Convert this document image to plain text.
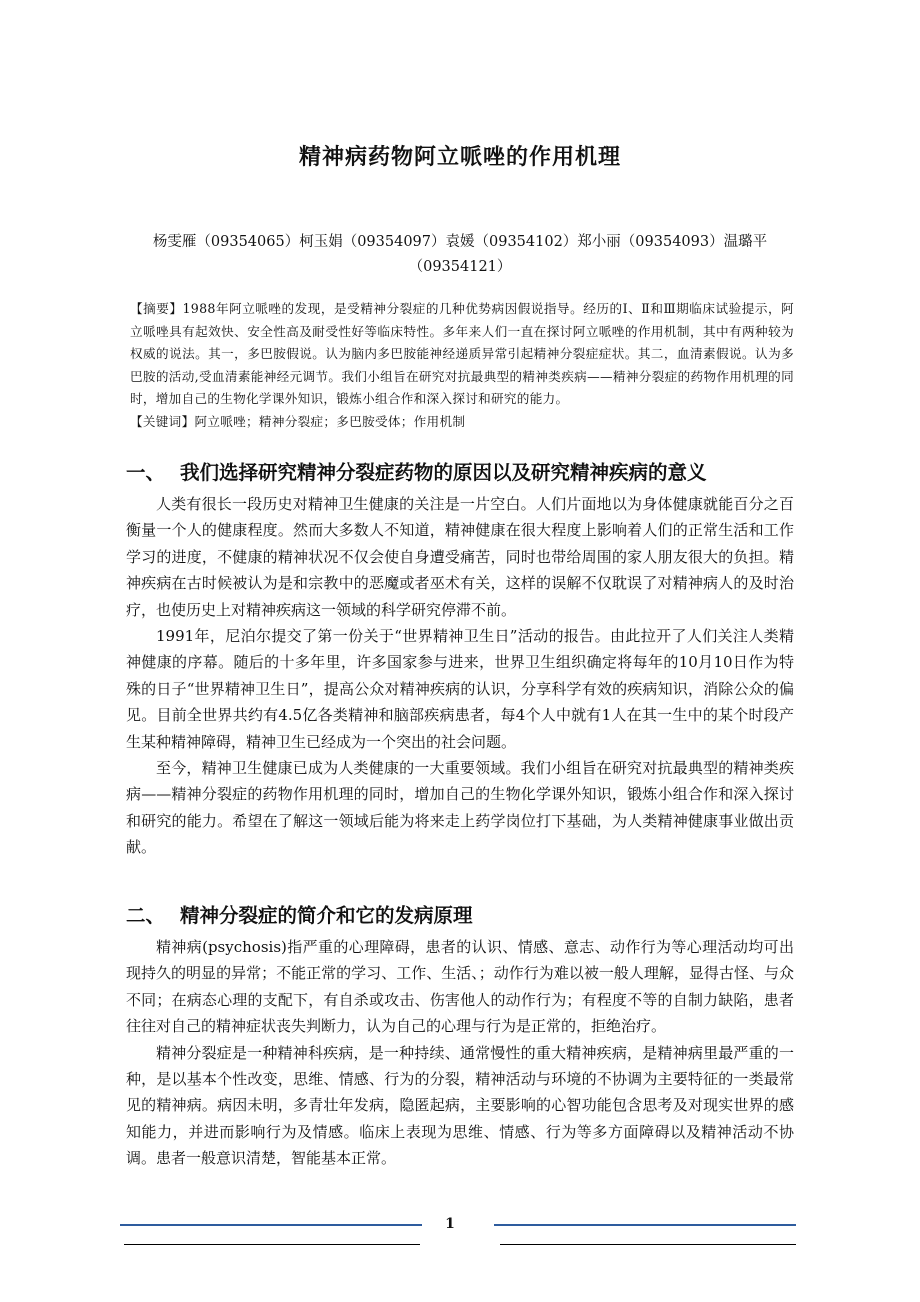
精神病药物阿立哌唑的作用机理
杨雯雁（09354065）柯玉娟（09354097）袁媛（09354102）郑小丽（09354093）温璐平
（09354121）

【摘要】1988年阿立哌唑的发现，是受精神分裂症的几种优势病因假说指导。经历的Ⅰ、Ⅱ和Ⅲ期临床试验提示，阿立哌唑具有起效快、安全性高及耐受性好等临床特性。多年来人们一直在探讨阿立哌唑的作用机制，其中有两种较为权威的说法。其一，多巴胺假说。认为脑内多巴胺能神经递质异常引起精神分裂症症状。其二，血清素假说。认为多巴胺的活动,受血清素能神经元调节。我们小组旨在研究对抗最典型的精神类疾病——精神分裂症的药物作用机理的同时，增加自己的生物化学课外知识，锻炼小组合作和深入探讨和研究的能力。

【关键词】阿立哌唑；精神分裂症；多巴胺受体；作用机制

一、 我们选择研究精神分裂症药物的原因以及研究精神疾病的意义

人类有很长一段历史对精神卫生健康的关注是一片空白。人们片面地以为身体健康就能百分之百衡量一个人的健康程度。然而大多数人不知道，精神健康在很大程度上影响着人们的正常生活和工作学习的进度，不健康的精神状况不仅会使自身遭受痛苦，同时也带给周围的家人朋友很大的负担。精神疾病在古时候被认为是和宗教中的恶魔或者巫术有关，这样的误解不仅耽误了对精神病人的及时治疗，也使历史上对精神疾病这一领域的科学研究停滞不前。

1991年，尼泊尔提交了第一份关于“世界精神卫生日”活动的报告。由此拉开了人们关注人类精神健康的序幕。随后的十多年里，许多国家参与进来，世界卫生组织确定将每年的10月10日作为特殊的日子“世界精神卫生日”，提高公众对精神疾病的认识，分享科学有效的疾病知识，消除公众的偏见。目前全世界共约有4.5亿各类精神和脑部疾病患者，每4个人中就有1人在其一生中的某个时段产生某种精神障碍，精神卫生已经成为一个突出的社会问题。

至今，精神卫生健康已成为人类健康的一大重要领域。我们小组旨在研究对抗最典型的精神类疾病——精神分裂症的药物作用机理的同时，增加自己的生物化学课外知识，锻炼小组合作和深入探讨和研究的能力。希望在了解这一领域后能为将来走上药学岗位打下基础，为人类精神健康事业做出贡献。

二、 精神分裂症的简介和它的发病原理

精神病(psychosis)指严重的心理障碍，患者的认识、情感、意志、动作行为等心理活动均可出现持久的明显的异常；不能正常的学习、工作、生活、；动作行为难以被一般人理解，显得古怪、与众不同；在病态心理的支配下，有自杀或攻击、伤害他人的动作行为；有程度不等的自制力缺陷，患者往往对自己的精神症状丧失判断力，认为自己的心理与行为是正常的，拒绝治疗。

精神分裂症是一种精神科疾病，是一种持续、通常慢性的重大精神疾病，是精神病里最严重的一种，是以基本个性改变，思维、情感、行为的分裂，精神活动与环境的不协调为主要特征的一类最常见的精神病。病因未明，多青壮年发病，隐匿起病，主要影响的心智功能包含思考及对现实世界的感知能力，并进而影响行为及情感。临床上表现为思维、情感、行为等多方面障碍以及精神活动不协调。患者一般意识清楚，智能基本正常。

1
